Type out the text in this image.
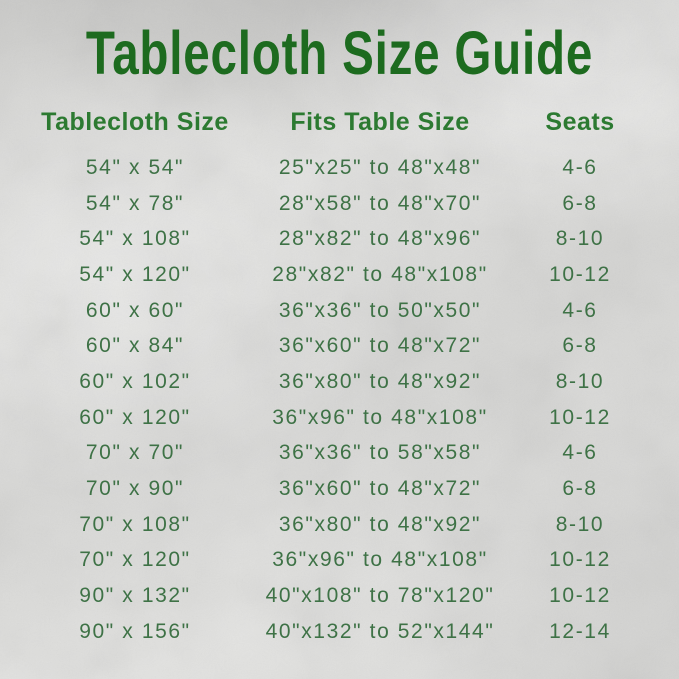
Tablecloth Size Guide
Tablecloth Size	Fits Table Size	Seats
54" x 54"	25"x25" to 48"x48"	4-6
54" x 78"	28"x58" to 48"x70"	6-8
54" x 108"	28"x82" to 48"x96"	8-10
54" x 120"	28"x82" to 48"x108"	10-12
60" x 60"	36"x36" to 50"x50"	4-6
60" x 84"	36"x60" to 48"x72"	6-8
60" x 102"	36"x80" to 48"x92"	8-10
60" x 120"	36"x96" to 48"x108"	10-12
70" x 70"	36"x36" to 58"x58"	4-6
70" x 90"	36"x60" to 48"x72"	6-8
70" x 108"	36"x80" to 48"x92"	8-10
70" x 120"	36"x96" to 48"x108"	10-12
90" x 132"	40"x108" to 78"x120"	10-12
90" x 156"	40"x132" to 52"x144"	12-14
